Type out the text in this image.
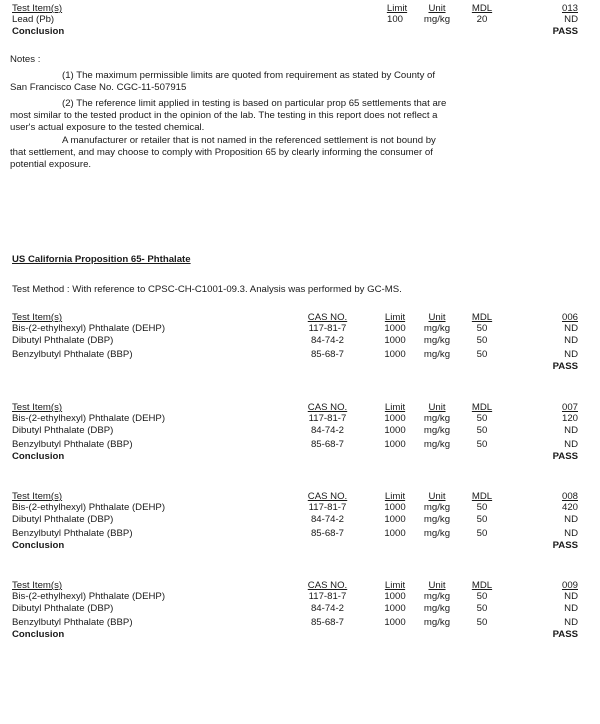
Test Item(s)	Limit	Unit	MDL	013
Lead (Pb)	100	mg/kg	20	ND
Conclusion	PASS
Notes :
(1) The maximum permissible limits are quoted from requirement as stated by County of
San Francisco Case No. CGC-11-507915
(2) The reference limit applied in testing is based on particular prop 65 settlements that are
most similar to the tested product in the opinion of the lab. The testing in this report does not reflect a
user's actual exposure to the tested chemical.
A manufacturer or retailer that is not named in the referenced settlement is not bound by
that settlement, and may choose to comply with Proposition 65 by clearly informing the consumer of
potential exposure.
US California Proposition 65- Phthalate
Test Method : With reference to CPSC-CH-C1001-09.3. Analysis was performed by GC-MS.
Test Item(s)	CAS NO.	Limit	Unit	MDL	006
Bis-(2-ethylhexyl) Phthalate (DEHP)	117-81-7	1000	mg/kg	50	ND
Dibutyl Phthalate (DBP)	84-74-2	1000	mg/kg	50	ND
Benzylbutyl Phthalate (BBP)	85-68-7	1000	mg/kg	50	ND
PASS
Test Item(s)	CAS NO.	Limit	Unit	MDL	007
Bis-(2-ethylhexyl) Phthalate (DEHP)	117-81-7	1000	mg/kg	50	120
Dibutyl Phthalate (DBP)	84-74-2	1000	mg/kg	50	ND
Benzylbutyl Phthalate (BBP)	85-68-7	1000	mg/kg	50	ND
Conclusion	PASS
Test Item(s)	CAS NO.	Limit	Unit	MDL	008
Bis-(2-ethylhexyl) Phthalate (DEHP)	117-81-7	1000	mg/kg	50	420
Dibutyl Phthalate (DBP)	84-74-2	1000	mg/kg	50	ND
Benzylbutyl Phthalate (BBP)	85-68-7	1000	mg/kg	50	ND
Conclusion	PASS
Test Item(s)	CAS NO.	Limit	Unit	MDL	009
Bis-(2-ethylhexyl) Phthalate (DEHP)	117-81-7	1000	mg/kg	50	ND
Dibutyl Phthalate (DBP)	84-74-2	1000	mg/kg	50	ND
Benzylbutyl Phthalate (BBP)	85-68-7	1000	mg/kg	50	ND
Conclusion	PASS
